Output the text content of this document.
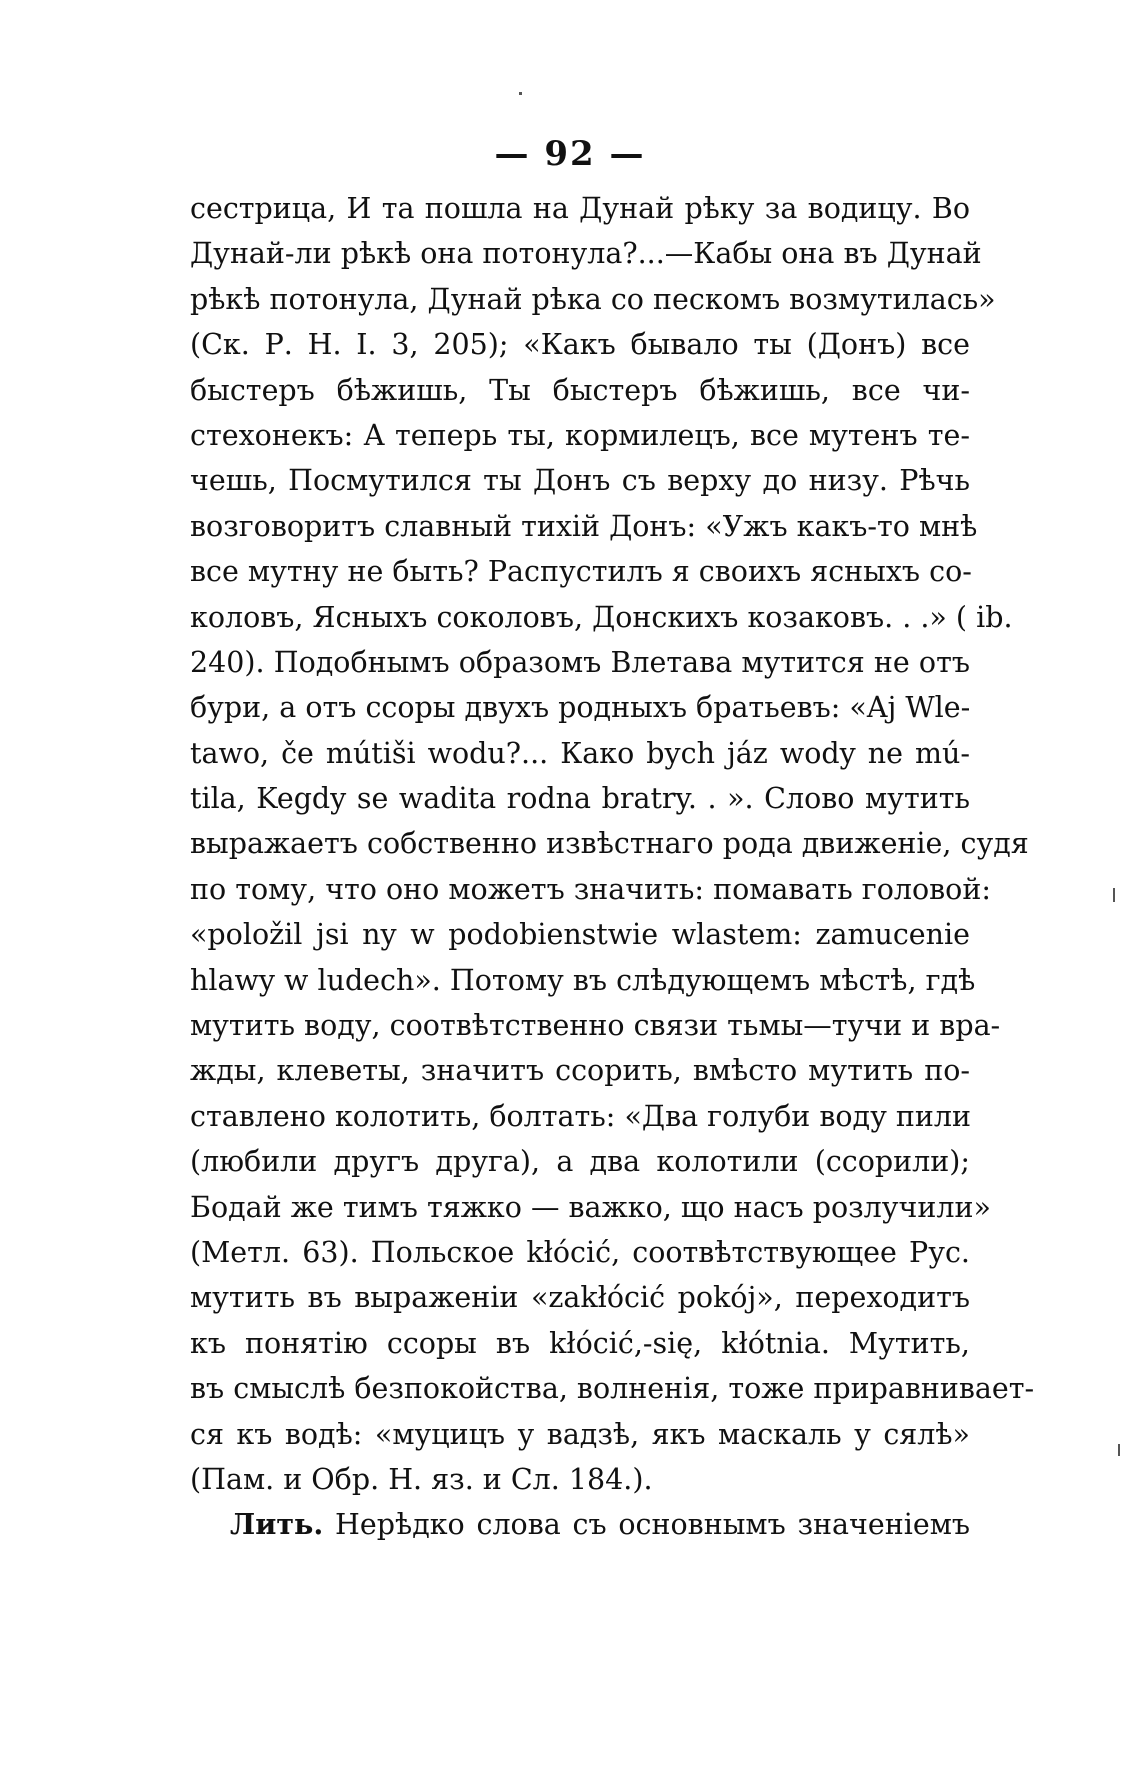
— 92 —
сестрица, И та пошла на Дунай рѣку за водицу. Во
Дунай-ли рѣкѣ она потонула?...—Кабы она въ Дунай
рѣкѣ потонула, Дунай рѣка со пескомъ возмутилась»
(Ск. Р. Н. I. 3, 205); «Какъ бывало ты (Донъ) все
быстеръ бѣжишь, Ты быстеръ бѣжишь, все чи-
стехонекъ: А теперь ты, кормилецъ, все мутенъ те-
чешь, Посмутился ты Донъ съ верху до низу. Рѣчь
возговоритъ славный тихій Донъ: «Ужъ какъ-то мнѣ
все мутну не быть? Распустилъ я своихъ ясныхъ со-
коловъ, Ясныхъ соколовъ, Донскихъ козаковъ. . .» ( ib.
240). Подобнымъ образомъ Влетава мутится не отъ
бури, а отъ ссоры двухъ родныхъ братьевъ: «Aj Wle-
tawo, če mútiši wodu?... Како bych jáz wody ne mú-
tila, Kegdy se wadita rodna bratry. . ». Слово мутить
выражаетъ собственно извѣстнаго рода движеніе, судя
по тому, что оно можетъ значить: помавать головой:
«položil jsi ny w podobienstwie wlastem: zamucenie
hlawy w ludech». Потому въ слѣдующемъ мѣстѣ, гдѣ
мутить воду, соотвѣтственно связи тьмы—тучи и вра-
жды, клеветы, значитъ ссорить, вмѣсто мутить по-
ставлено колотить, болтать: «Два голуби воду пили
(любили другъ друга), а два колотили (ссорили);
Бодай же тимъ тяжко — важко, що насъ розлучили»
(Метл. 63). Польское kłócić, соотвѣтствующее Рус.
мутить въ выраженіи «zakłócić pokój», переходитъ
къ понятію ссоры въ kłócić,-się, kłótnia. Мутить,
въ смыслѣ безпокойства, волненія, тоже приравнивает-
ся къ водѣ: «муцицъ у вадзѣ, якъ маскаль у сялѣ»
(Пам. и Обр. Н. яз. и Сл. 184.).
Лить. Нерѣдко слова съ основнымъ значеніемъ
